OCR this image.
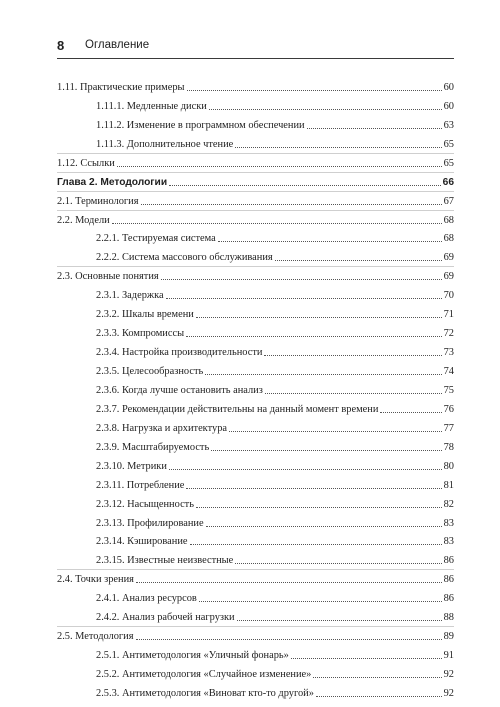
8 Оглавление
1.11. Практические примеры	60
1.11.1. Медленные диски	60
1.11.2. Изменение в программном обеспечении	63
1.11.3. Дополнительное чтение	65
1.12. Ссылки	65
Глава 2. Методологии	66
2.1. Терминология	67
2.2. Модели	68
2.2.1. Тестируемая система	68
2.2.2. Система массового обслуживания	69
2.3. Основные понятия	69
2.3.1. Задержка	70
2.3.2. Шкалы времени	71
2.3.3. Компромиссы	72
2.3.4. Настройка производительности	73
2.3.5. Целесообразность	74
2.3.6. Когда лучше остановить анализ	75
2.3.7. Рекомендации действительны на данный момент времени	76
2.3.8. Нагрузка и архитектура	77
2.3.9. Масштабируемость	78
2.3.10. Метрики	80
2.3.11. Потребление	81
2.3.12. Насыщенность	82
2.3.13. Профилирование	83
2.3.14. Кэширование	83
2.3.15. Известные неизвестные	86
2.4. Точки зрения	86
2.4.1. Анализ ресурсов	86
2.4.2. Анализ рабочей нагрузки	88
2.5. Методология	89
2.5.1. Антиметодология «Уличный фонарь»	91
2.5.2. Антиметодология «Случайное изменение»	92
2.5.3. Антиметодология «Виноват кто-то другой»	92
